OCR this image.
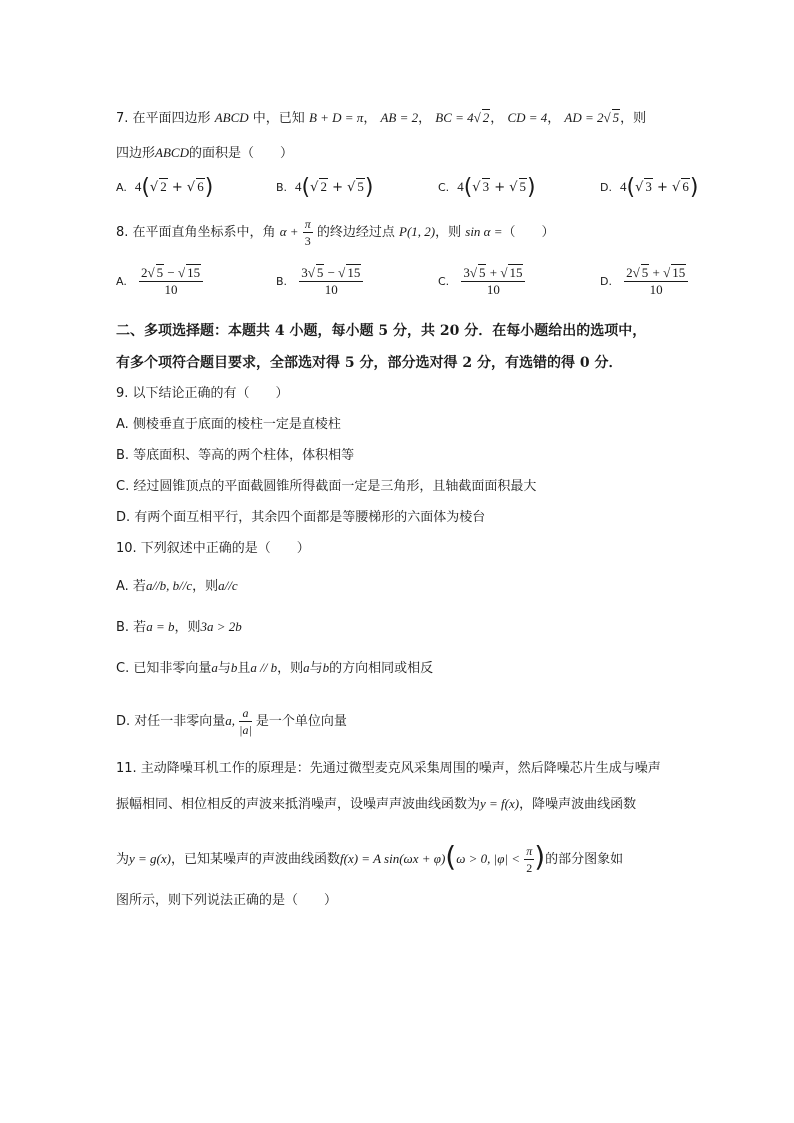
7. 在平面四边形 ABCD 中，已知 B + D = π， AB = 2， BC = 4√ 2， CD = 4， AD = 2√ 5，则
四边形ABCD的面积是（　　）
A. 4(√ 2 + √ 6)	B. 4(√ 2 + √ 5)	C. 4(√ 3 + √ 5)	D. 4(√ 3 + √ 6)
8. 在平面直角坐标系中，角 $\alpha + \frac{\pi}{3}$ 的终边经过点 P(1, 2)，则 sin α =（　　）
A. $\frac{2√ 5 - √ 15}{10}$	B. $\frac{3√ 5 - √ 15}{10}$	C. $\frac{3√ 5 + √ 15}{10}$	D. $\frac{2√ 5 + √ 15}{10}$
二、多项选择题：本题共 4 小题，每小题 5 分，共 20 分．在每小题给出的选项中，
有多个项符合题目要求，全部选对得 5 分，部分选对得 2 分，有选错的得 0 分．
9. 以下结论正确的有（　　）
A. 侧棱垂直于底面的棱柱一定是直棱柱
B. 等底面积、等高的两个柱体，体积相等
C. 经过圆锥顶点的平面截圆锥所得截面一定是三角形，且轴截面面积最大
D. 有两个面互相平行，其余四个面都是等腰梯形的六面体为棱台
10. 下列叙述中正确的是（　　）
A. 若a//b, b//c，则a//c
B. 若a = b，则3a > 2b
C. 已知非零向量a与b且a // b，则a与b的方向相同或相反
D. 对任一非零向量a, $\frac{a}{|a|}$ 是一个单位向量
11. 主动降噪耳机工作的原理是：先通过微型麦克风采集周围的噪声，然后降噪芯片生成与噪声
振幅相同、相位相反的声波来抵消噪声，设噪声声波曲线函数为y = f(x)，降噪声波曲线函数
为y = g(x)，已知某噪声的声波曲线函数f(x) = A sin(ωx + φ)(ω > 0, $|\varphi| < \frac{\pi}{2}$ )的部分图象如
图所示，则下列说法正确的是（　　）
